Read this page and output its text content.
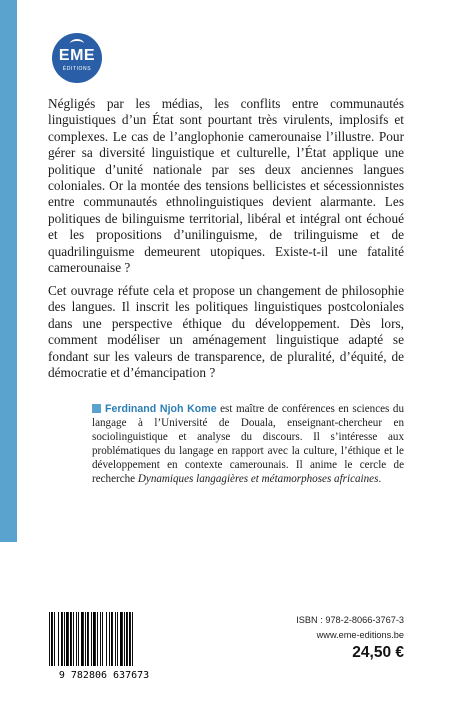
EME
ÉDITIONS

Négligés par les médias, les conflits entre communautés linguistiques d’un État sont pourtant très virulents, implosifs et complexes. Le cas de l’anglophonie camerounaise l’illustre. Pour gérer sa diversité linguistique et culturelle, l’État applique une politique d’unité nationale par ses deux anciennes langues coloniales. Or la montée des tensions bellicistes et sécessionnistes entre communautés ethnolinguistiques devient alarmante. Les politiques de bilinguisme territorial, libéral et intégral ont échoué et les propositions d’unilinguisme, de trilinguisme et de quadrilinguisme demeurent utopiques. Existe-t-il une fatalité camerounaise ?

Cet ouvrage réfute cela et propose un changement de philosophie des langues. Il inscrit les politiques linguistiques postcoloniales dans une perspective éthique du développement. Dès lors, comment modéliser un aménagement linguistique adapté se fondant sur les valeurs de transparence, de pluralité, d’équité, de démocratie et d’émancipation ?

Ferdinand Njoh Kome est maître de conférences en sciences du langage à l’Université de Douala, enseignant-chercheur en sociolinguistique et analyse du discours. Il s’intéresse aux problématiques du langage en rapport avec la culture, l’éthique et le développement en contexte camerounais. Il anime le cercle de recherche Dynamiques langagières et métamorphoses africaines.

9 782806 637673
ISBN : 978-2-8066-3767-3
www.eme-editions.be
24,50 €
